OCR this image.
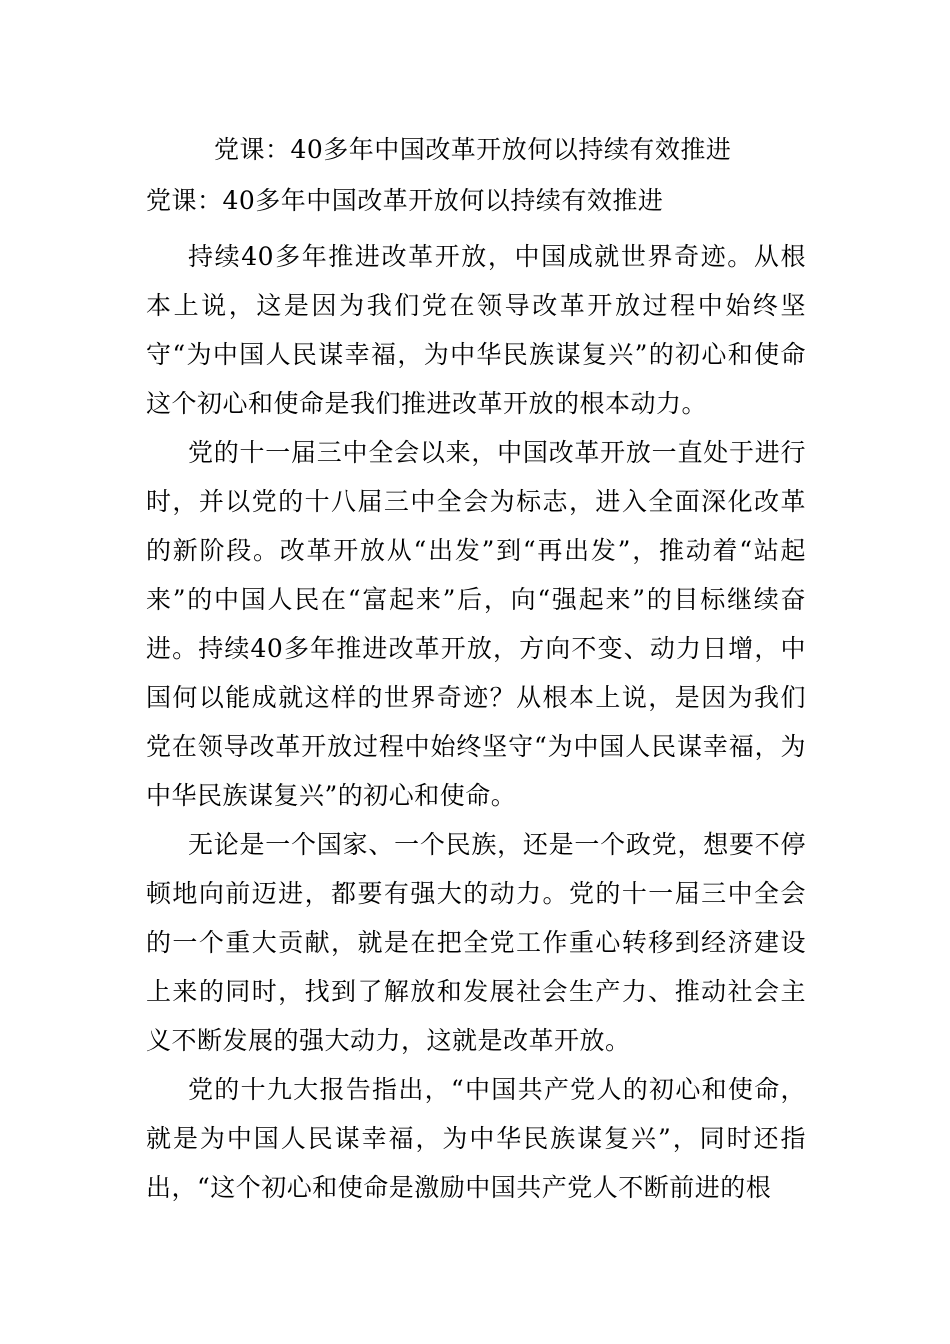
党课：40多年中国改革开放何以持续有效推进
党课：40多年中国改革开放何以持续有效推进

持续40多年推进改革开放，中国成就世界奇迹。从根本上说，这是因为我们党在领导改革开放过程中始终坚守“为中国人民谋幸福，为中华民族谋复兴”的初心和使命这个初心和使命是我们推进改革开放的根本动力。

党的十一届三中全会以来，中国改革开放一直处于进行时，并以党的十八届三中全会为标志，进入全面深化改革的新阶段。改革开放从“出发”到“再出发”，推动着“站起来”的中国人民在“富起来”后，向“强起来”的目标继续奋进。持续40多年推进改革开放，方向不变、动力日增，中国何以能成就这样的世界奇迹？从根本上说，是因为我们党在领导改革开放过程中始终坚守“为中国人民谋幸福，为中华民族谋复兴”的初心和使命。

无论是一个国家、一个民族，还是一个政党，想要不停顿地向前迈进，都要有强大的动力。党的十一届三中全会的一个重大贡献，就是在把全党工作重心转移到经济建设上来的同时，找到了解放和发展社会生产力、推动社会主义不断发展的强大动力，这就是改革开放。

党的十九大报告指出，“中国共产党人的初心和使命，就是为中国人民谋幸福，为中华民族谋复兴”，同时还指出，“这个初心和使命是激励中国共产党人不断前进的根
